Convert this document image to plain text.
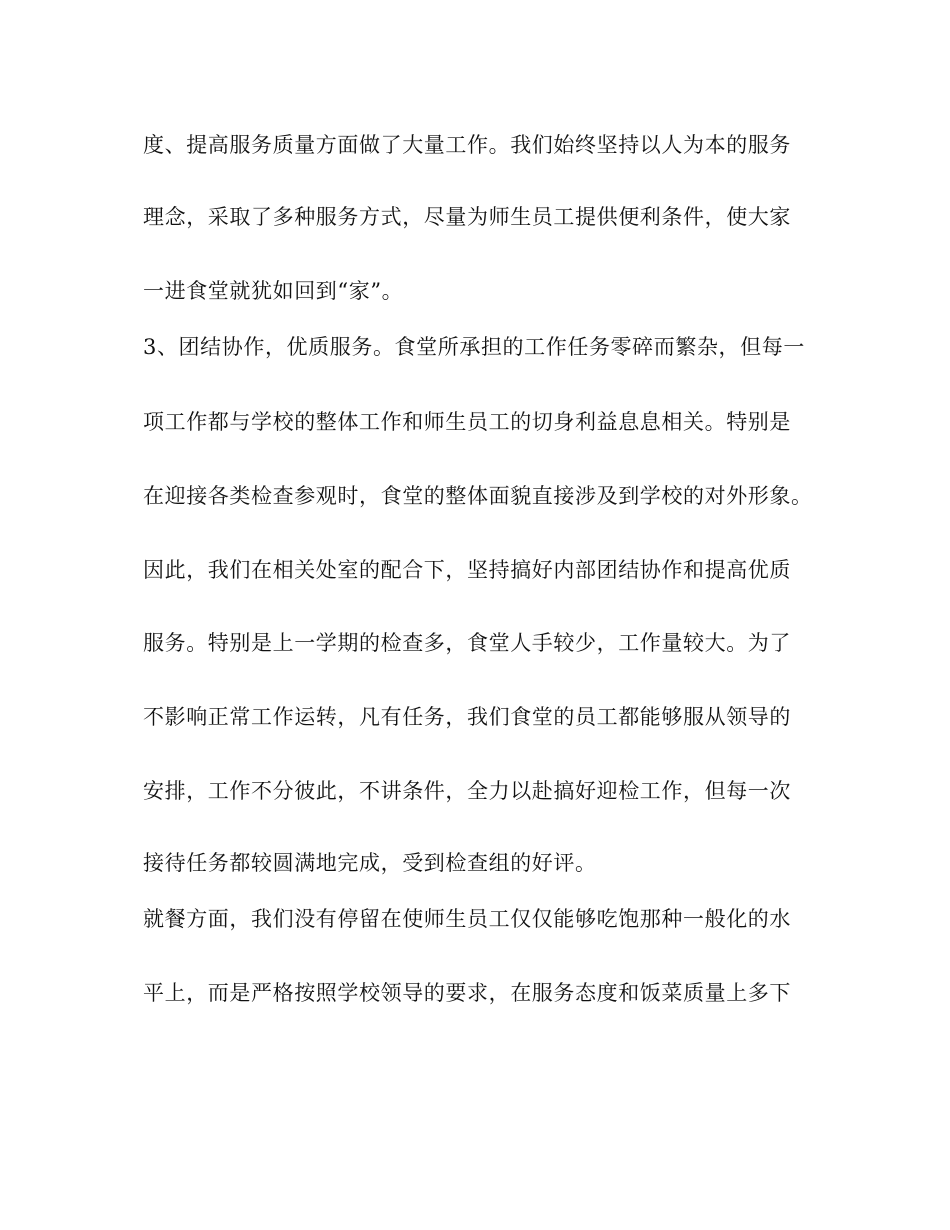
度、提高服务质量方面做了大量工作。我们始终坚持以人为本的服务
理念，采取了多种服务方式，尽量为师生员工提供便利条件，使大家
一进食堂就犹如回到“家”。
3、团结协作，优质服务。食堂所承担的工作任务零碎而繁杂，但每一
项工作都与学校的整体工作和师生员工的切身利益息息相关。特别是
在迎接各类检查参观时，食堂的整体面貌直接涉及到学校的对外形象。
因此，我们在相关处室的配合下，坚持搞好内部团结协作和提高优质
服务。特别是上一学期的检查多，食堂人手较少，工作量较大。为了
不影响正常工作运转，凡有任务，我们食堂的员工都能够服从领导的
安排，工作不分彼此，不讲条件，全力以赴搞好迎检工作，但每一次
接待任务都较圆满地完成，受到检查组的好评。
就餐方面，我们没有停留在使师生员工仅仅能够吃饱那种一般化的水
平上，而是严格按照学校领导的要求，在服务态度和饭菜质量上多下
